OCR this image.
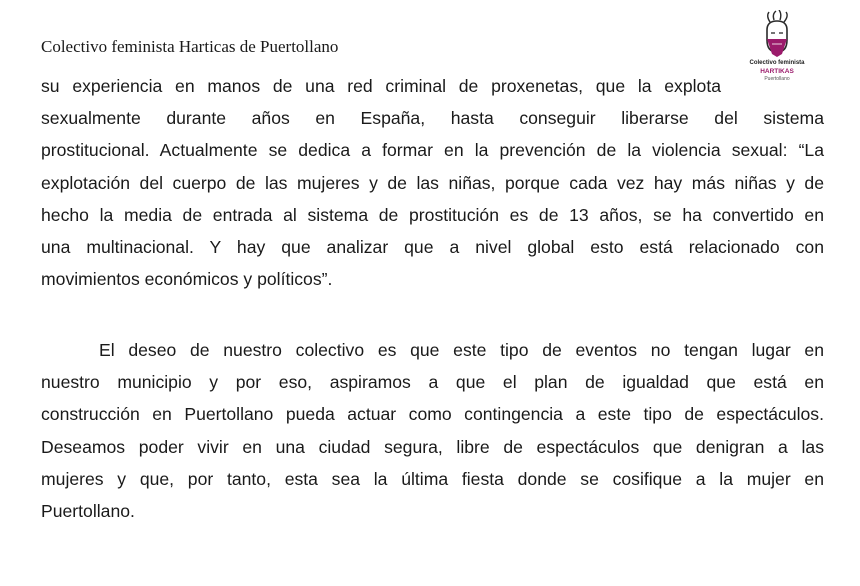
Colectivo feminista Harticas de Puertollano
Colectivo feminista
HARTIKAS
Puertollano
su experiencia en manos de una red criminal de proxenetas, que la explota
sexualmente durante años en España, hasta conseguir liberarse del sistema
prostitucional. Actualmente se dedica a formar en la prevención de la violencia sexual: “La
explotación del cuerpo de las mujeres y de las niñas, porque cada vez hay más niñas y de
hecho la media de entrada al sistema de prostitución es de 13 años, se ha convertido en
una multinacional. Y hay que analizar que a nivel global esto está relacionado con
movimientos económicos y políticos”.
El deseo de nuestro colectivo es que este tipo de eventos no tengan lugar en
nuestro municipio y por eso, aspiramos a que el plan de igualdad que está en
construcción en Puertollano pueda actuar como contingencia a este tipo de espectáculos.
Deseamos poder vivir en una ciudad segura, libre de espectáculos que denigran a las
mujeres y que, por tanto, esta sea la última fiesta donde se cosifique a la mujer en
Puertollano.
